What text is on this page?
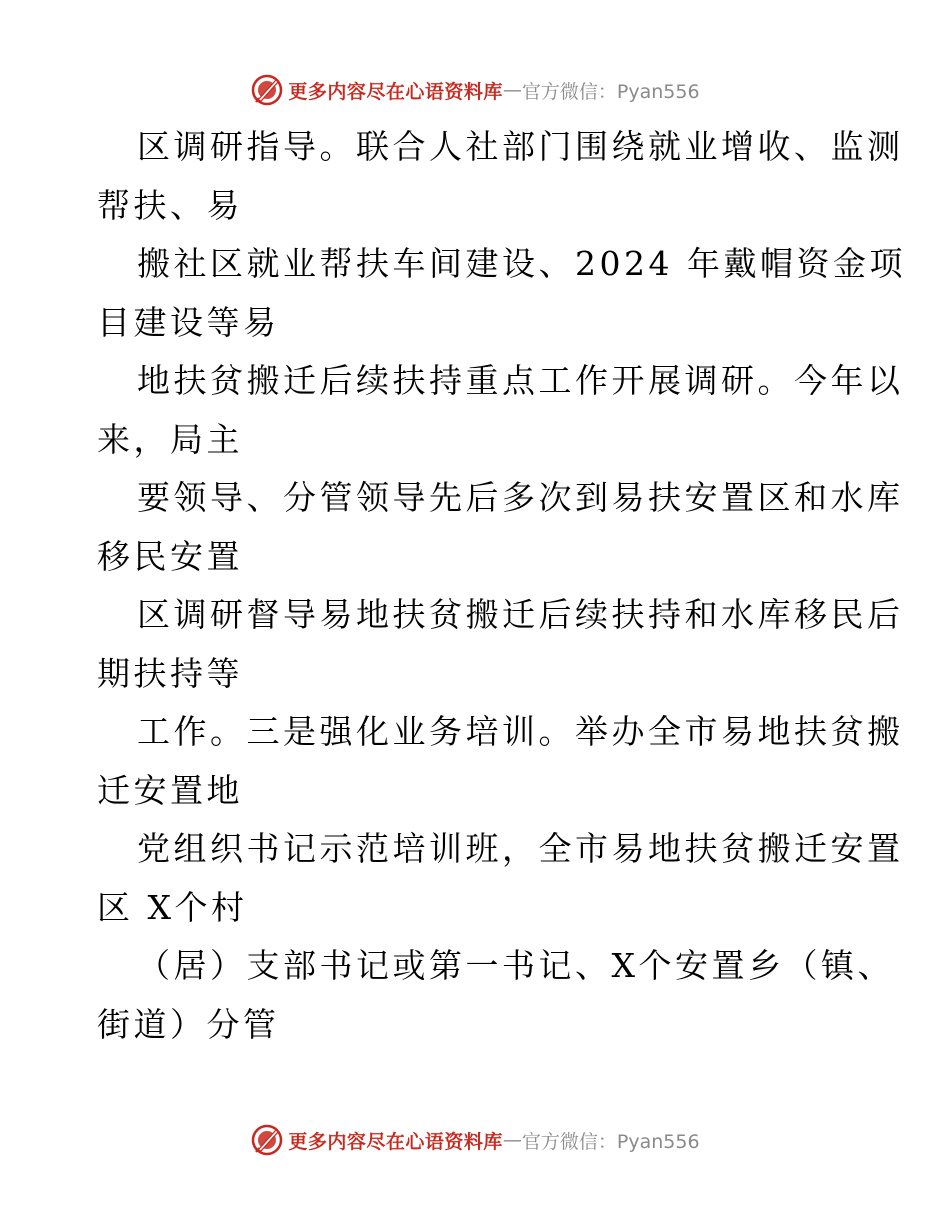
更多内容尽在心语资料库 — 官方微信：Pyan556
区调研指导。联合人社部门围绕就业增收、监测
帮扶、易
搬社区就业帮扶车间建设、2024 年戴帽资金项
目建设等易
地扶贫搬迁后续扶持重点工作开展调研。今年以
来，局主
要领导、分管领导先后多次到易扶安置区和水库
移民安置
区调研督导易地扶贫搬迁后续扶持和水库移民后
期扶持等
工作。三是强化业务培训。举办全市易地扶贫搬
迁安置地
党组织书记示范培训班，全市易地扶贫搬迁安置
区 X个村
（居）支部书记或第一书记、X个安置乡（镇、
街道）分管
更多内容尽在心语资料库 — 官方微信：Pyan556
